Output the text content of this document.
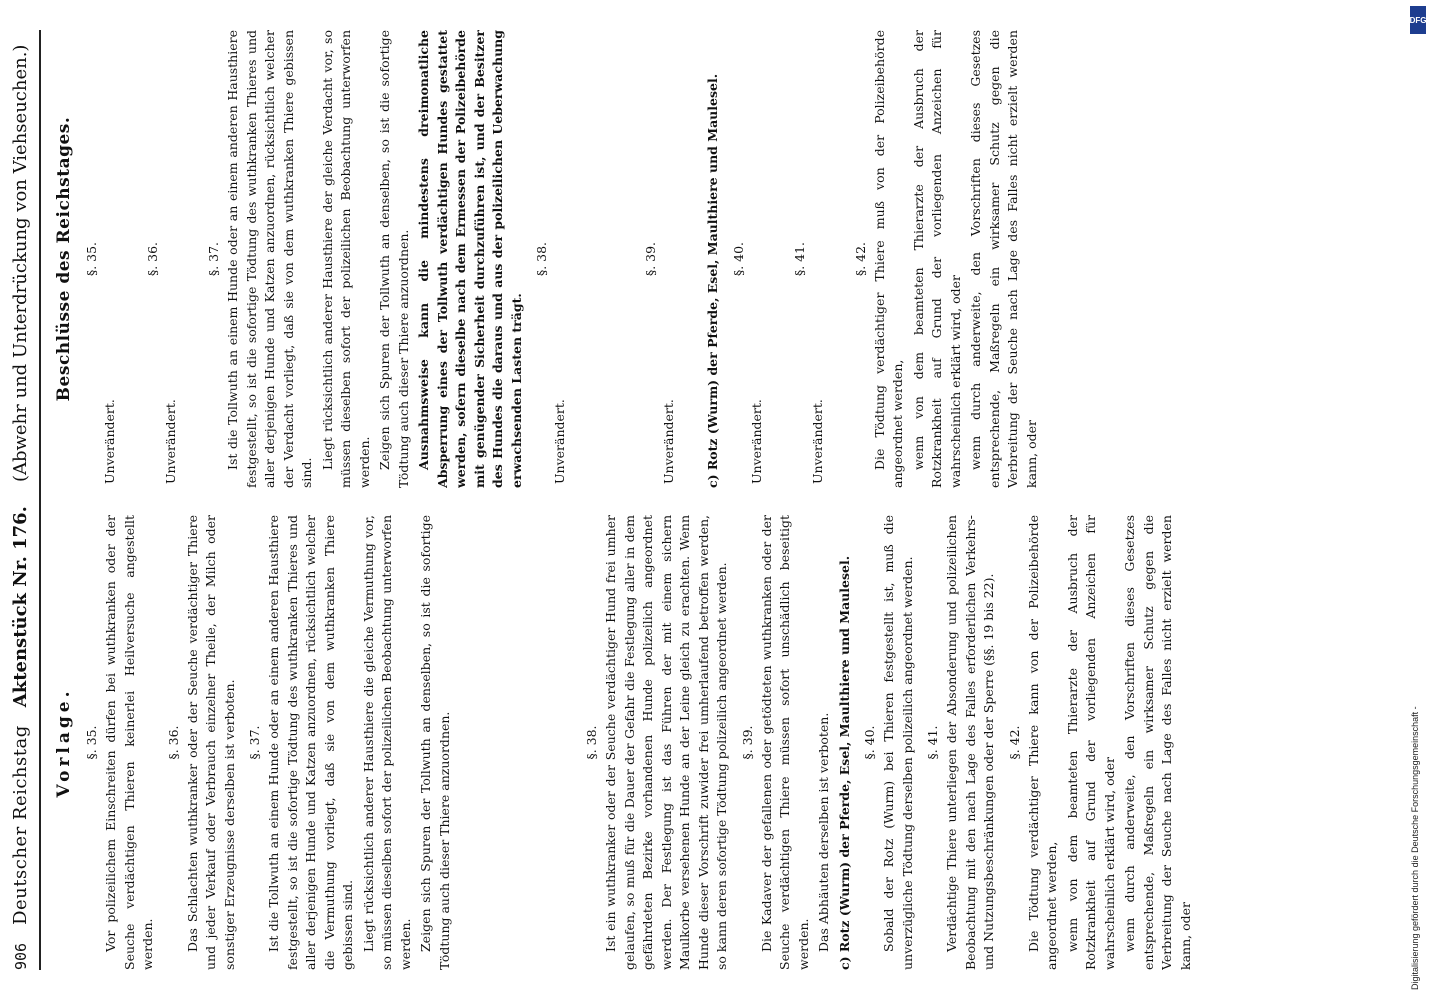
906
Deutscher Reichstag
Aktenstück Nr. 176.
(Abwehr und Unterdrückung von Viehseuchen.)
Vorlage. §. 35. Vor polizeilichem Einschreiten dürfen bei wuthkranken oder der Seuche verdächtigen Thieren keinerlei Heilversuche angestellt werden.

§. 36. Das Schlachten wuthkranker oder der Seuche verdächtiger Thiere und jeder Verkauf oder Verbrauch einzelner Theile, der Milch oder sonstiger Erzeugnisse derselben ist verboten. §. 37. Ist die Tollwuth an einem Hunde oder an einem anderen Hausthiere festgestellt, so ist die sofortige Tödtung des wuthkranken Thieres und aller derjenigen Hunde und Katzen anzuordnen, rücksichtlich welcher die Vermuthung vorliegt, daß sie von dem wuthkranken Thiere gebissen sind. Liegt rücksichtlich anderer Hausthiere die gleiche Vermuthung vor, so müssen dieselben sofort der polizeilichen Beobachtung unterworfen werden. Zeigen sich Spuren der Tollwuth an denselben, so ist die sofortige Tödtung auch dieser Thiere anzuordnen.	§. 38. Ist ein wuthkranker oder der Seuche verdächtiger Hund frei umher gelaufen, so muß für die Dauer der Gefahr die Festlegung aller in dem gefährdeten Bezirke vorhandenen Hunde polizeilich angeordnet werden. Der Festlegung ist das Führen der mit einem sichern Maulkorbe versehenen Hunde an der Leine gleich zu erachten. Wenn Hunde dieser Vorschrift zuwider frei umherlaufend betroffen werden, so kann deren sofortige Tödtung polizeilich angeordnet werden. §. 39. Die Kadaver der gefallenen oder getödteten wuthkranken oder der Seuche verdächtigen Thiere müssen sofort unschädlich beseitigt werden. Das Abhäuten derselben ist verboten. c) Rotz (Wurm) der Pferde, Esel, Maulthiere und Maulesel. §. 40. Sobald der Rotz (Wurm) bei Thieren festgestellt ist, muß die unverzügliche Tödtung derselben polizeilich angeordnet werden. §. 41. Verdächtige Thiere unterliegen der Absonderung und polizeilichen Beobachtung mit den nach Lage des Falles erforderlichen Verkehrs- und Nutzungsbeschränkungen oder der Sperre (§§. 19 bis 22). §. 42. Die Tödtung verdächtiger Thiere kann von der Polizeibehörde angeordnet werden, wenn von dem beamteten Thierarzte der Ausbruch der Rotzkrankheit auf Grund der vorliegenden Anzeichen für wahrscheinlich erklärt wird, oder wenn durch anderweite, den Vorschriften dieses Gesetzes entsprechende, Maßregeln ein wirksamer Schutz gegen die Verbreitung der Seuche nach Lage des Falles nicht erzielt werden kann, oder

Beschlüsse des Reichstages. §. 35.
Unverändert.
§. 36.
Unverändert.
§. 37. Ist die Tollwuth an einem Hunde oder an einem anderen Hausthiere festgestellt, so ist die sofortige Tödtung des wuthkranken Thieres und aller derjenigen Hunde und Katzen anzuordnen, rücksichtlich welcher der Verdacht vorliegt, daß sie von dem wuthkranken Thiere gebissen sind.

Liegt rücksichtlich anderer Hausthiere der gleiche Verdacht vor, so müssen dieselben sofort der polizeilichen Beobachtung unterworfen werden. Zeigen sich Spuren der Tollwuth an denselben, so ist die sofortige Tödtung auch dieser Thiere anzuordnen. Ausnahmsweise kann die mindestens dreimonatliche Absperrung eines der Tollwuth verdächtigen Hundes gestattet werden, sofern dieselbe nach dem Ermessen der Polizeibehörde mit genügender Sicherheit durchzuführen ist, und der Besitzer des Hundes die daraus und aus der polizeilichen Ueberwachung erwachsenden Lasten trägt.

§. 38.
Unverändert.
§. 39.
Unverändert. c) Rotz (Wurm) der Pferde, Esel, Maulthiere und Maulesel. §. 40.
Unverändert.
§. 41.
Unverändert.
§. 42. Die Tödtung verdächtiger Thiere muß von der Polizeibehörde angeordnet werden, wenn von dem beamteten Thierarzte der Ausbruch der Rotzkrankheit auf Grund der vorliegenden Anzeichen für wahrscheinlich erklärt wird, oder wenn durch anderweite, den Vorschriften dieses Gesetzes entsprechende, Maßregeln ein wirksamer Schutz gegen die Verbreitung der Seuche nach Lage des Falles nicht erzielt werden kann, oder

DFG
Digitalisierung gefördert durch die Deutsche Forschungsgemeinschaft -
